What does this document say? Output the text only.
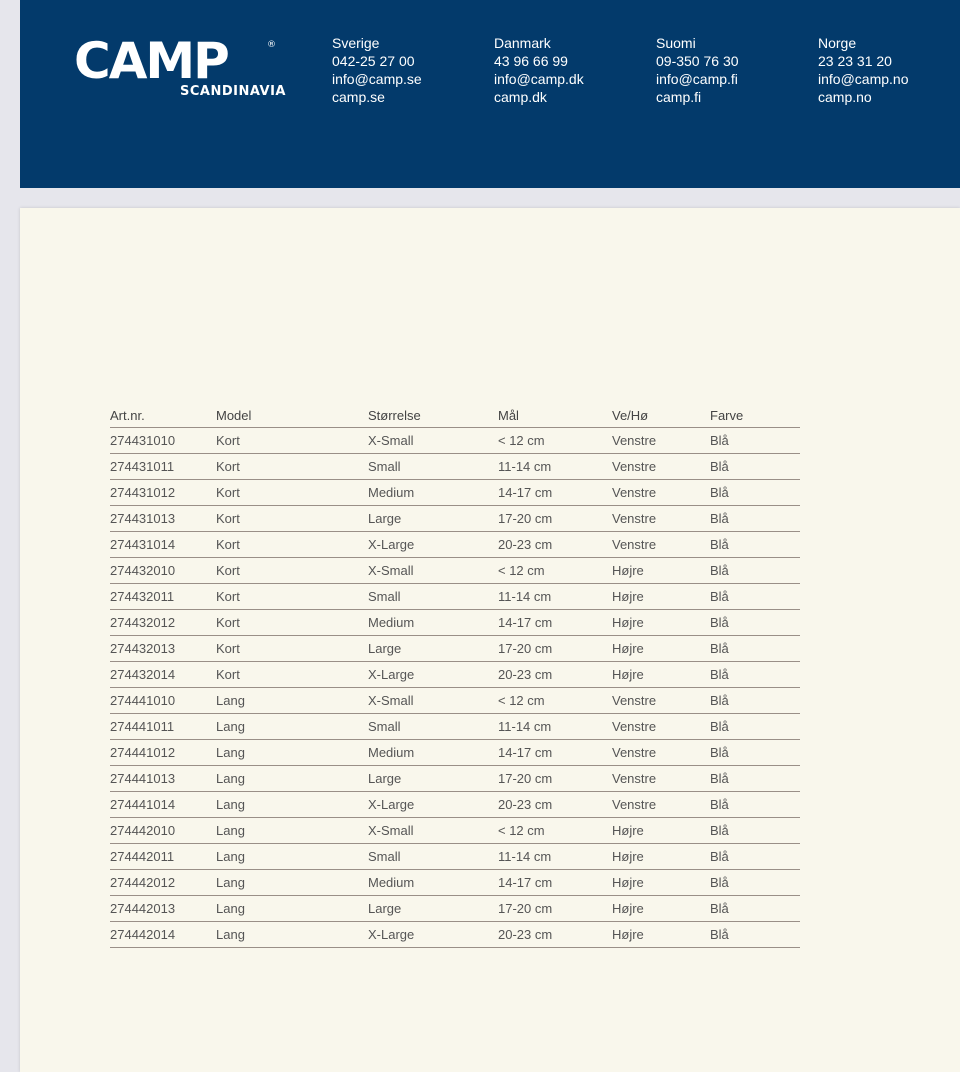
CAMP	®
SCANDINAVIA
Sverige
042-25 27 00
info@camp.se
camp.se
Danmark
43 96 66 99
info@camp.dk
camp.dk
Suomi
09-350 76 30
info@camp.fi
camp.fi
Norge
23 23 31 20
info@camp.no
camp.no
Art.nr.	Model	Størrelse	Mål	Ve/Hø	Farve
274431010	Kort	X-Small	< 12 cm	Venstre	Blå
274431011	Kort	Small	11-14 cm	Venstre	Blå
274431012	Kort	Medium	14-17 cm	Venstre	Blå
274431013	Kort	Large	17-20 cm	Venstre	Blå
274431014	Kort	X-Large	20-23 cm	Venstre	Blå
274432010	Kort	X-Small	< 12 cm	Højre	Blå
274432011	Kort	Small	11-14 cm	Højre	Blå
274432012	Kort	Medium	14-17 cm	Højre	Blå
274432013	Kort	Large	17-20 cm	Højre	Blå
274432014	Kort	X-Large	20-23 cm	Højre	Blå
274441010	Lang	X-Small	< 12 cm	Venstre	Blå
274441011	Lang	Small	11-14 cm	Venstre	Blå
274441012	Lang	Medium	14-17 cm	Venstre	Blå
274441013	Lang	Large	17-20 cm	Venstre	Blå
274441014	Lang	X-Large	20-23 cm	Venstre	Blå
274442010	Lang	X-Small	< 12 cm	Højre	Blå
274442011	Lang	Small	11-14 cm	Højre	Blå
274442012	Lang	Medium	14-17 cm	Højre	Blå
274442013	Lang	Large	17-20 cm	Højre	Blå
274442014	Lang	X-Large	20-23 cm	Højre	Blå
